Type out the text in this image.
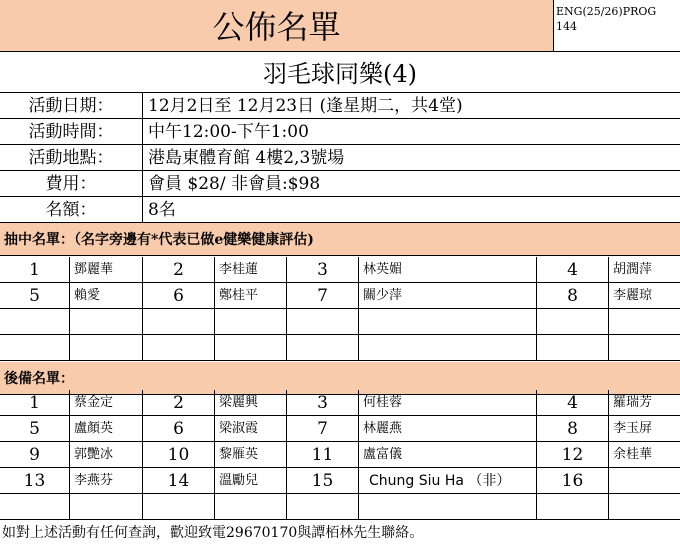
公佈名單	ENG(25/26)PROG
144
羽毛球同樂(4)
活動日期：	12月2日至 12月23日 (逢星期二，共4堂)
活動時間：	中午12:00-下午1:00
活動地點：	港島東體育館 4樓2,3號場
費用：	會員 $28/ 非會員:$98
名額：	8名
抽中名單：（名字旁邊有*代表已做e健樂健康評估)
1	鄧麗華	2	李桂蓮	3	林英媚	4	胡潤萍
5	賴愛	6	鄭桂平	7	關少萍	8	李麗琼
後備名單：
1	蔡金定	2	梁麗興	3	何桂蓉	4	羅瑞芳
5	盧顏英	6	梁淑霞	7	林麗燕	8	李玉屏
9	郭艷冰	10	黎雁英	11	盧富儀	12	余桂華
13	李燕芬	14	溫勵兒	15	Chung Siu Ha （非）	16
如對上述活動有任何查詢，歡迎致電29670170與譚栢林先生聯絡。
